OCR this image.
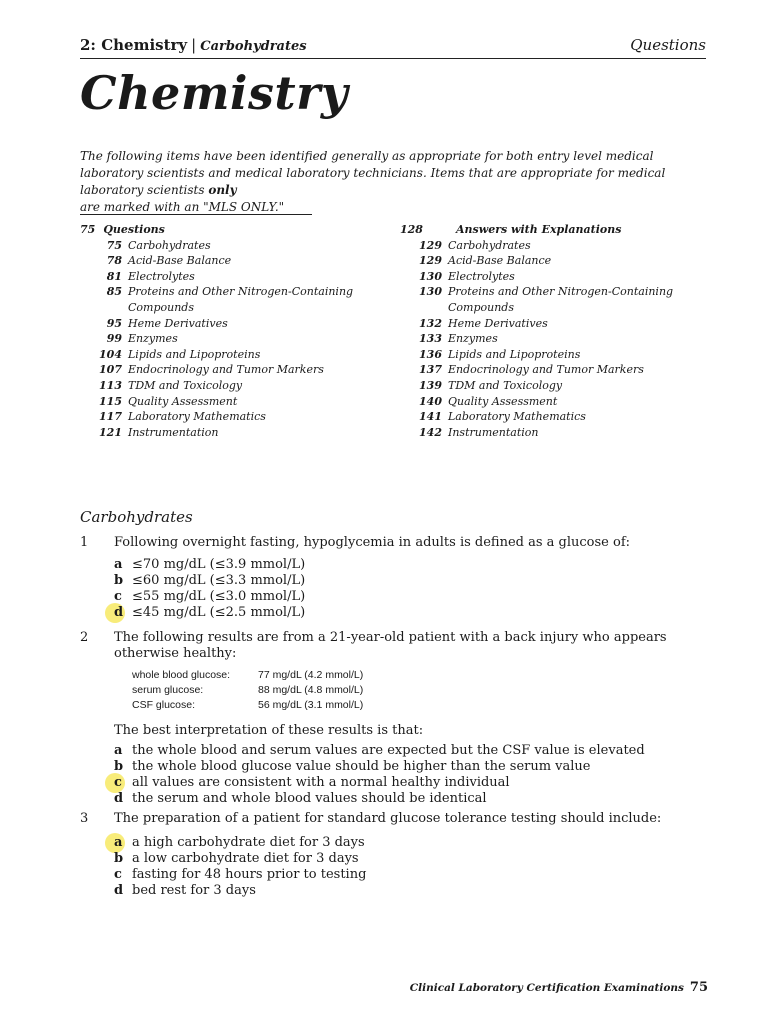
2: Chemistry | Carbohydrates	Questions
Chemistry
The following items have been identified generally as appropriate for both entry level medical laboratory scientists and medical laboratory technicians. Items that are appropriate for medical laboratory scientists only
are marked with an "MLS ONLY."
75 Questions
75 Carbohydrates
78 Acid-Base Balance
81 Electrolytes
85 Proteins and Other Nitrogen-Containing Compounds
95 Heme Derivatives
99 Enzymes
104 Lipids and Lipoproteins
107 Endocrinology and Tumor Markers
113 TDM and Toxicology
115 Quality Assessment
117 Laboratory Mathematics
121 Instrumentation
128	Answers with Explanations
129 Carbohydrates
129 Acid-Base Balance
130 Electrolytes
130 Proteins and Other Nitrogen-Containing Compounds
132 Heme Derivatives
133 Enzymes
136 Lipids and Lipoproteins
137 Endocrinology and Tumor Markers
139 TDM and Toxicology
140 Quality Assessment
141 Laboratory Mathematics
142 Instrumentation
Carbohydrates
1 Following overnight fasting, hypoglycemia in adults is defined as a glucose of:
a ≤70 mg/dL (≤3.9 mmol/L)
b ≤60 mg/dL (≤3.3 mmol/L)
c ≤55 mg/dL (≤3.0 mmol/L)
d ≤45 mg/dL (≤2.5 mmol/L)
2 The following results are from a 21-year-old patient with a back injury who appears otherwise healthy:
whole blood glucose:	77 mg/dL (4.2 mmol/L)
serum glucose:	88 mg/dL (4.8 mmol/L)
CSF glucose:	56 mg/dL (3.1 mmol/L)
The best interpretation of these results is that:
a the whole blood and serum values are expected but the CSF value is elevated
b the whole blood glucose value should be higher than the serum value
c all values are consistent with a normal healthy individual
d the serum and whole blood values should be identical
3 The preparation of a patient for standard glucose tolerance testing should include:
a a high carbohydrate diet for 3 days
b a low carbohydrate diet for 3 days
c fasting for 48 hours prior to testing
d bed rest for 3 days
Clinical Laboratory Certification Examinations 75
